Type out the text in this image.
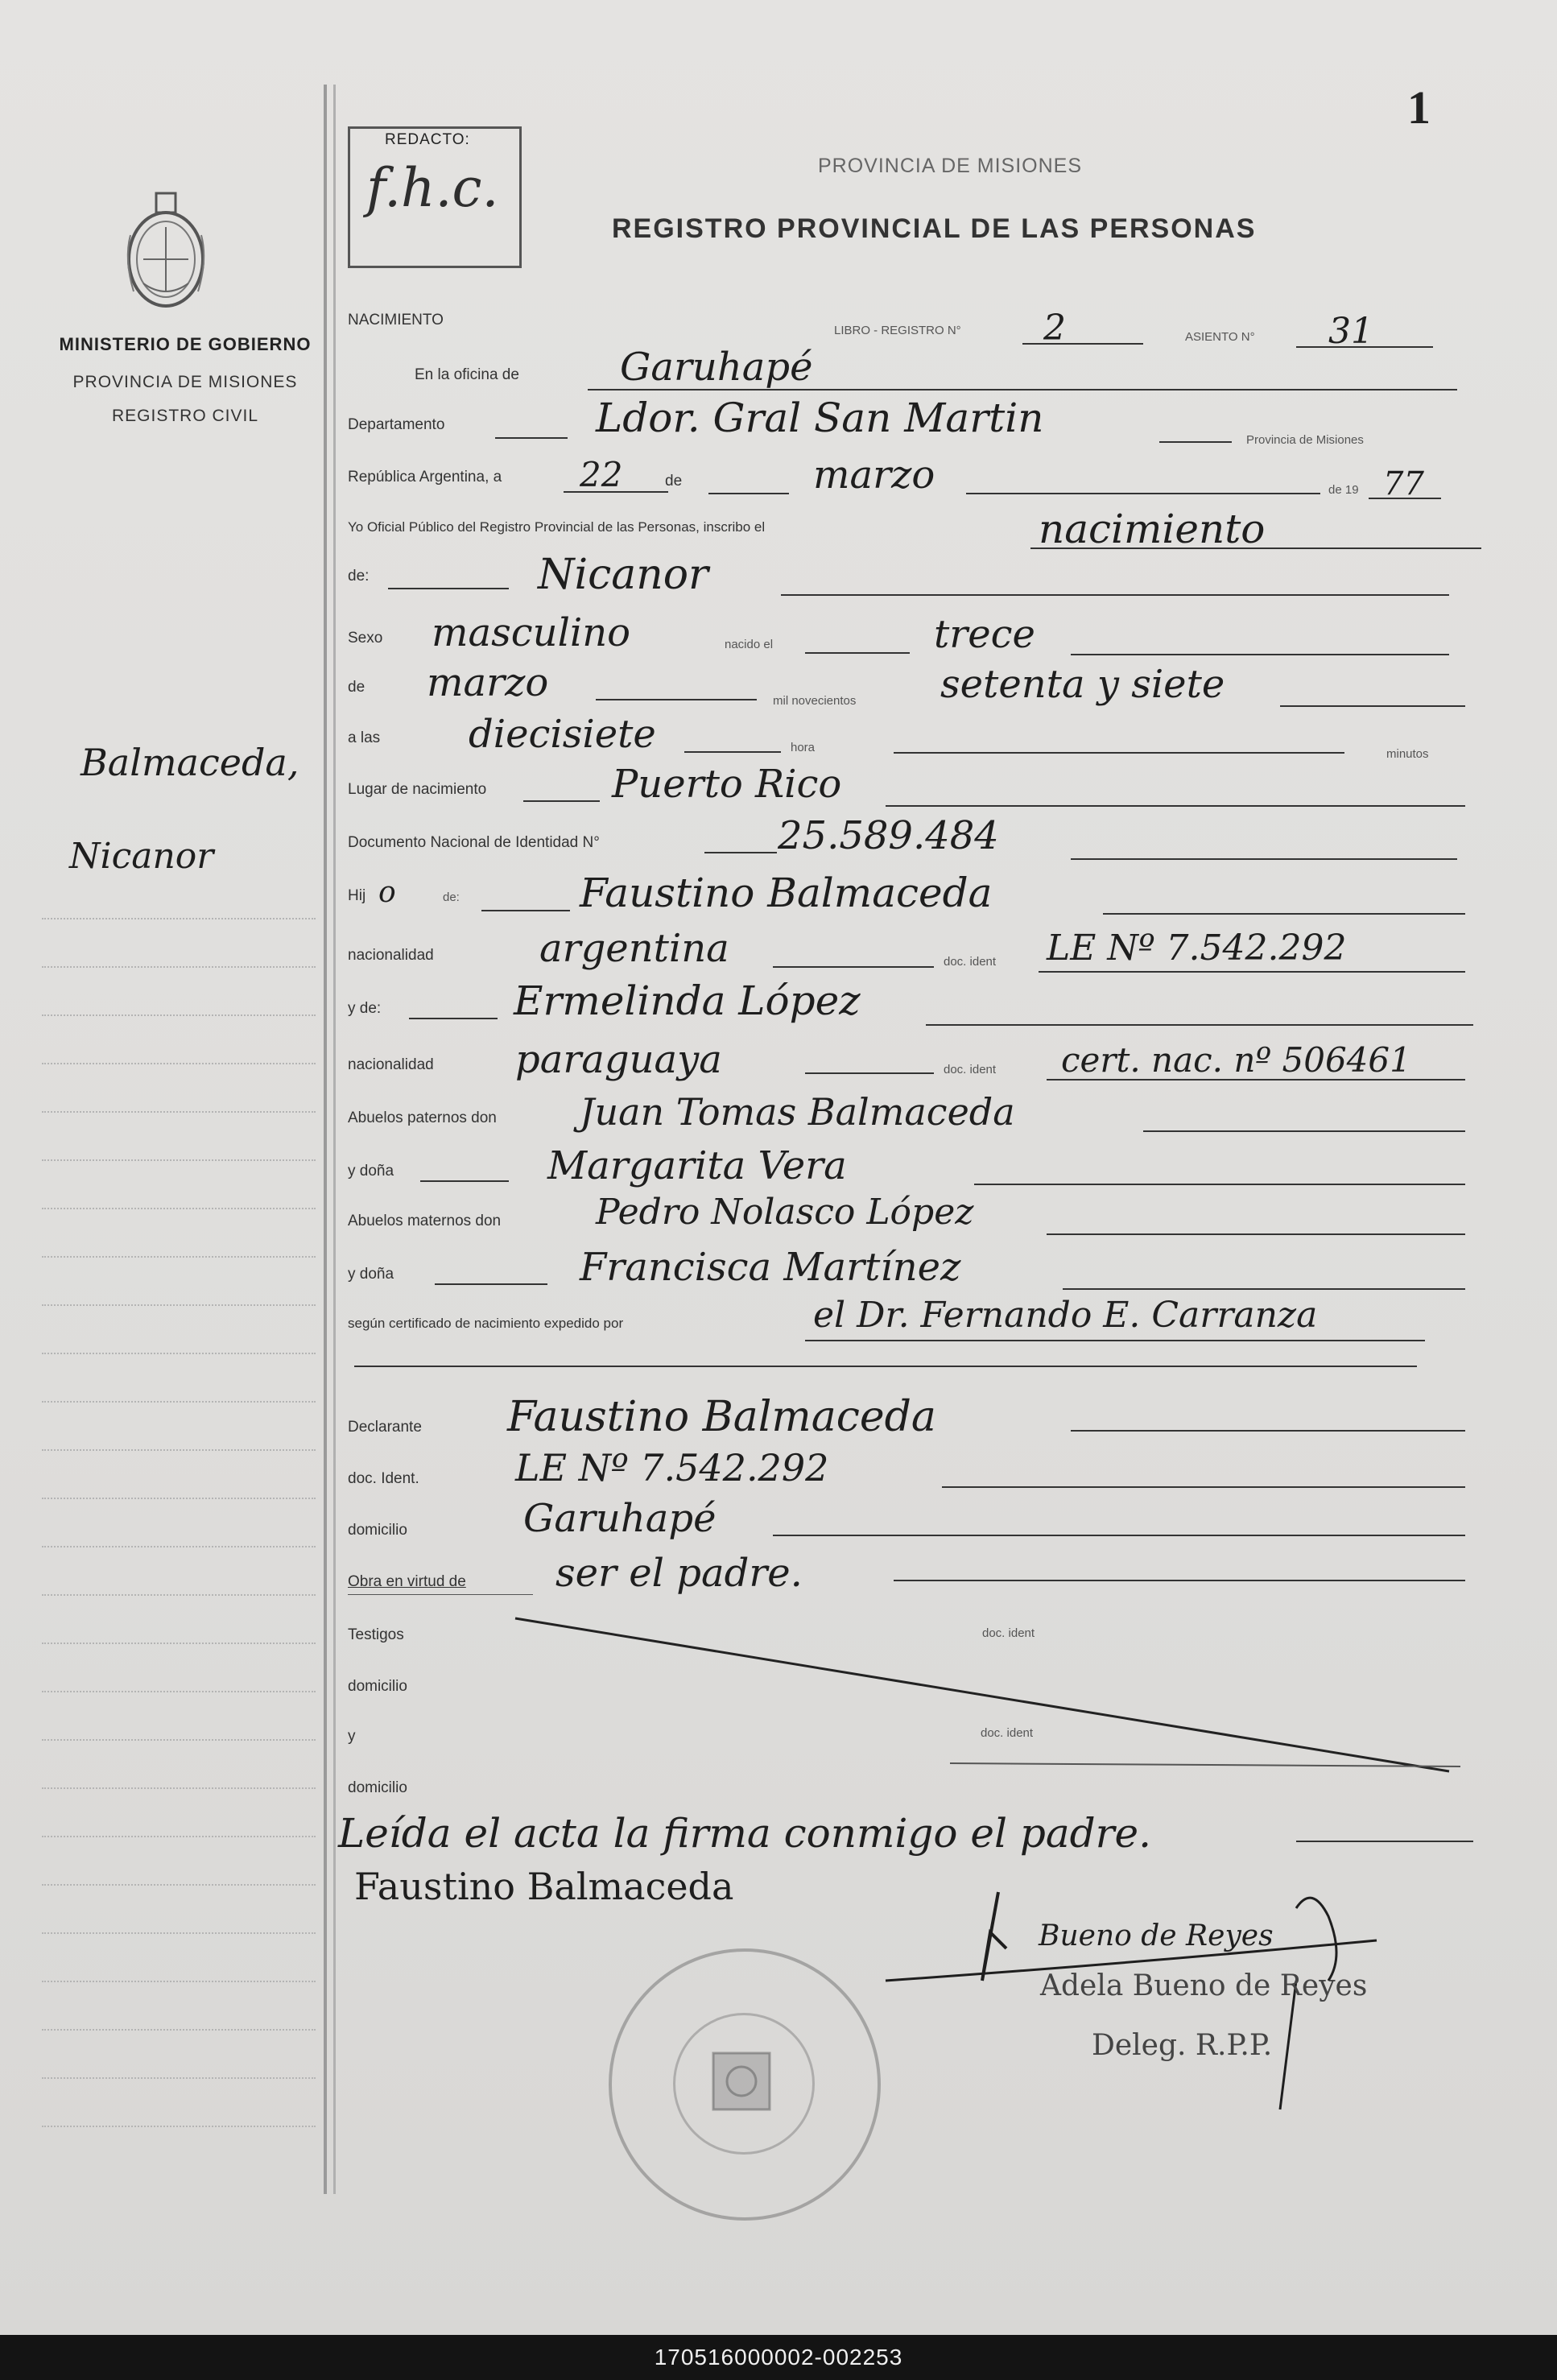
MINISTERIO DE GOBIERNO
PROVINCIA DE MISIONES
REGISTRO CIVIL
Balmaceda,
Nicanor
1
REDACTO:
f.h.c.	PROVINCIA DE MISIONES
REGISTRO PROVINCIAL DE LAS PERSONAS
NACIMIENTO
LIBRO - REGISTRO N° 2	ASIENTO N° 31
En la oficina de	Garuhapé
Departamento	Ldor. Gral San Martin	Provincia de Misiones
República Argentina, a 22	de	marzo	de 19 77
Yo Oficial Público del Registro Provincial de las Personas, inscribo el	nacimiento
de:	Nicanor
Sexo masculino	nacido el	trece
de marzo	mil novecientos setenta y siete
a las diecisiete	hora	minutos
Lugar de nacimiento	Puerto Rico
Documento Nacional de Identidad N°	25.589.484
Hij o	de:	Faustino Balmaceda
nacionalidad	argentina	doc. ident LE Nº 7.542.292
y de:	Ermelinda López
nacionalidad paraguaya	doc. ident cert. nac. nº 506461
Abuelos paternos don Juan Tomas Balmaceda
y doña	Margarita Vera
Abuelos maternos don	Pedro Nolasco López
y doña	Francisca Martínez
según certificado de nacimiento expedido por	el Dr. Fernando E. Carranza
Declarante Faustino Balmaceda
doc. Ident.	LE Nº 7.542.292
domicilio	Garuhapé
Obra en virtud de ser el padre.
Testigos	doc. ident
domicilio
y	doc. ident
domicilio
Leída el acta la firma conmigo el padre.
Faustino Balmaceda
Bueno de Reyes
Adela Bueno de Reyes
Deleg. R.P.P.
170516000002-002253
